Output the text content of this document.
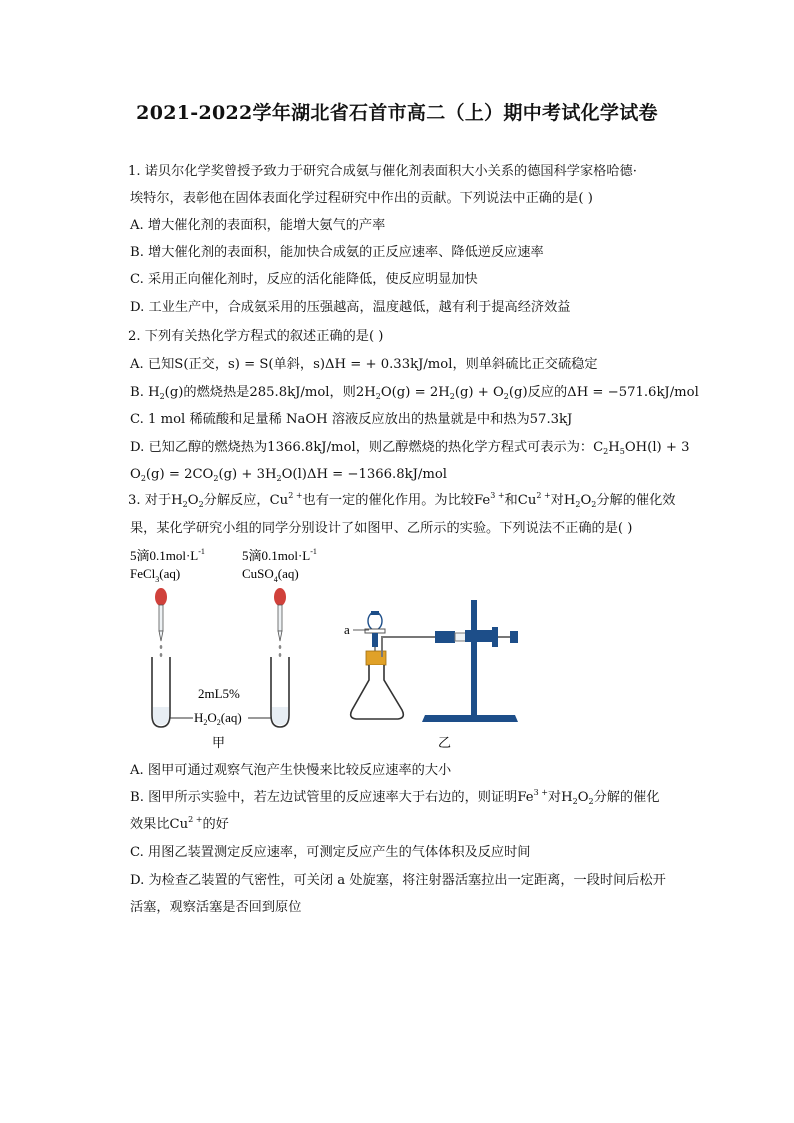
2021-2022学年湖北省石首市高二（上）期中考试化学试卷
1. 诺贝尔化学奖曾授予致力于研究合成氨与催化剂表面积大小关系的德国科学家格哈德·
埃特尔，表彰他在固体表面化学过程研究中作出的贡献。下列说法中正确的是( )
A. 增大催化剂的表面积，能增大氨气的产率
B. 增大催化剂的表面积，能加快合成氨的正反应速率、降低逆反应速率
C. 采用正向催化剂时，反应的活化能降低，使反应明显加快
D. 工业生产中，合成氨采用的压强越高，温度越低，越有利于提高经济效益
2. 下列有关热化学方程式的叙述正确的是( )
A. 已知S(正交，s) = S(单斜，s)ΔH = + 0.33kJ/mol，则单斜硫比正交硫稳定
B. $H_2(g)$的燃烧热是285.8kJ/mol，则$2H_2O(g) = 2H_2(g) + O_2(g)$反应的ΔH = −571.6kJ/mol
C. 1 mol 稀硫酸和足量稀 NaOH 溶液反应放出的热量就是中和热为57.3kJ
D. 已知乙醇的燃烧热为1366.8kJ/mol，则乙醇燃烧的热化学方程式可表示为：$C_2H_5OH(l) + 3$
$O_2(g) = 2CO_2(g) + 3H_2O(l)\Delta H = -1366.8kJ/mol$
3. 对于$H_2O_2$分解反应，$Cu^{2 +}$也有一定的催化作用。为比较$Fe^{3 +}$和$Cu^{2 +}$对$H_2O_2$分解的催化效
果，某化学研究小组的同学分别设计了如图甲、乙所示的实验。下列说法不正确的是( )
5滴$0.1mol\cdot L^{-1}$
FeCl$_3$(aq)
5滴$0.1mol\cdot L^{-1}$
CuSO$_4$(aq)
2mL5%
$H_2O_2(aq)$
甲
a
乙
A. 图甲可通过观察气泡产生快慢来比较反应速率的大小
B. 图甲所示实验中，若左边试管里的反应速率大于右边的，则证明$Fe^{3 +}$对$H_2O_2$分解的催化
效果比$Cu^{2 +}$的好
C. 用图乙装置测定反应速率，可测定反应产生的气体体积及反应时间
D. 为检查乙装置的气密性，可关闭 a 处旋塞，将注射器活塞拉出一定距离，一段时间后松开
活塞，观察活塞是否回到原位
